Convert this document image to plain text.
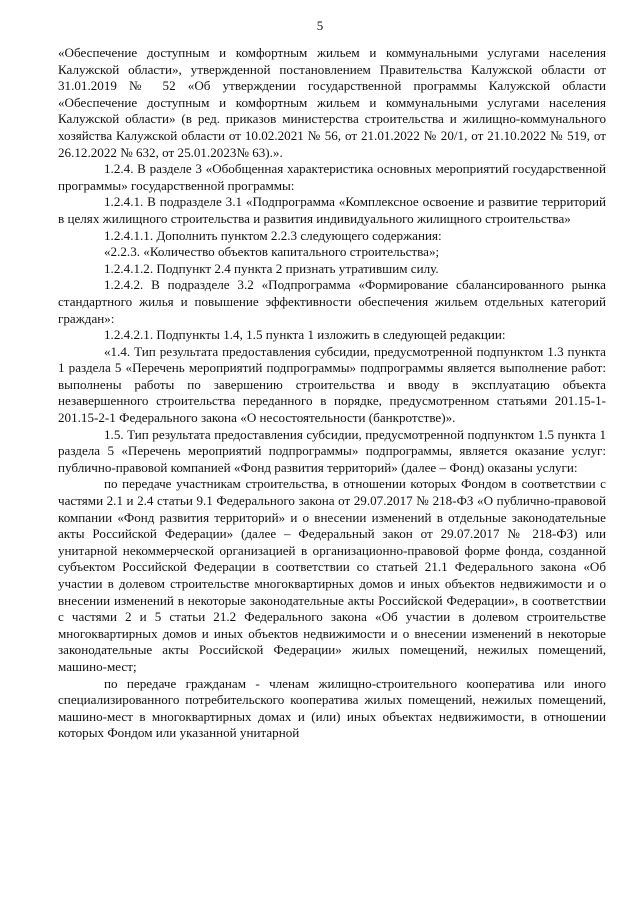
5

«Обеспечение доступным и комфортным жильем и коммунальными услугами населения Калужской области», утвержденной постановлением Правительства Калужской области от 31.01.2019 № 52 «Об утверждении государственной программы Калужской области «Обеспечение доступным и комфортным жильем и коммунальными услугами населения Калужской области» (в ред. приказов министерства строительства и жилищно-коммунального хозяйства Калужской области от 10.02.2021 № 56, от 21.01.2022 № 20/1, от 21.10.2022 № 519, от 26.12.2022 № 632, от 25.01.2023№ 63).».

1.2.4. В разделе 3 «Обобщенная характеристика основных мероприятий государственной программы» государственной программы:

1.2.4.1. В подразделе 3.1 «Подпрограмма «Комплексное освоение и развитие территорий в целях жилищного строительства и развития индивидуального жилищного строительства»

1.2.4.1.1. Дополнить пунктом 2.2.3 следующего содержания:

«2.2.3. «Количество объектов капитального строительства»;

1.2.4.1.2. Подпункт 2.4 пункта 2 признать утратившим силу.

1.2.4.2. В подразделе 3.2 «Подпрограмма «Формирование сбалансированного рынка стандартного жилья и повышение эффективности обеспечения жильем отдельных категорий граждан»:

1.2.4.2.1. Подпункты 1.4, 1.5 пункта 1 изложить в следующей редакции:

«1.4. Тип результата предоставления субсидии, предусмотренной подпунктом 1.3 пункта 1 раздела 5 «Перечень мероприятий подпрограммы» подпрограммы является выполнение работ: выполнены работы по завершению строительства и вводу в эксплуатацию объекта незавершенного строительства переданного в порядке, предусмотренном статьями 201.15-1-201.15-2-1 Федерального закона «О несостоятельности (банкротстве)».

1.5. Тип результата предоставления субсидии, предусмотренной подпунктом 1.5 пункта 1 раздела 5 «Перечень мероприятий подпрограммы» подпрограммы, является оказание услуг: публично-правовой компанией «Фонд развития территорий» (далее – Фонд) оказаны услуги:

по передаче участникам строительства, в отношении которых Фондом в соответствии с частями 2.1 и 2.4 статьи 9.1 Федерального закона от 29.07.2017 № 218-ФЗ «О публично-правовой компании «Фонд развития территорий» и о внесении изменений в отдельные законодательные акты Российской Федерации» (далее – Федеральный закон от 29.07.2017 № 218-ФЗ) или унитарной некоммерческой организацией в организационно-правовой форме фонда, созданной субъектом Российской Федерации в соответствии со статьей 21.1 Федерального закона «Об участии в долевом строительстве многоквартирных домов и иных объектов недвижимости и о внесении изменений в некоторые законодательные акты Российской Федерации», в соответствии с частями 2 и 5 статьи 21.2 Федерального закона «Об участии в долевом строительстве многоквартирных домов и иных объектов недвижимости и о внесении изменений в некоторые законодательные акты Российской Федерации» жилых помещений, нежилых помещений, машино-мест;

по передаче гражданам - членам жилищно-строительного кооператива или иного специализированного потребительского кооператива жилых помещений, нежилых помещений, машино-мест в многоквартирных домах и (или) иных объектах недвижимости, в отношении которых Фондом или указанной унитарной
